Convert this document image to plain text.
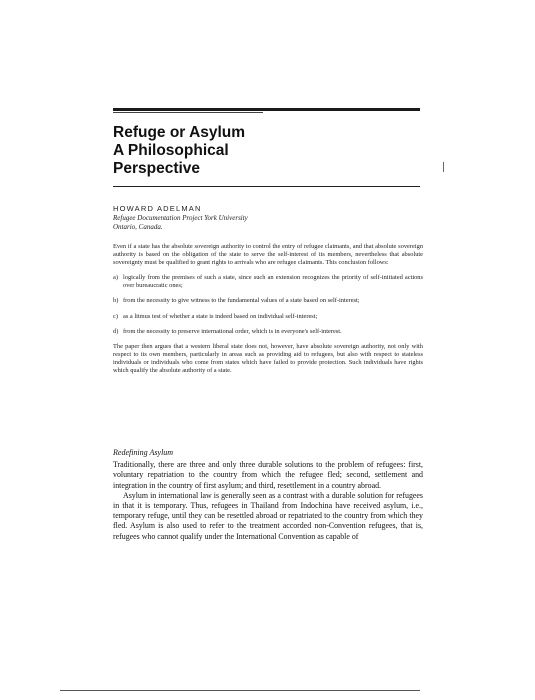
Refuge or Asylum
A Philosophical
Perspective
HOWARD ADELMAN
Refugee Documentation Project York University
Ontario, Canada.

Even if a state has the absolute sovereign authority to control the entry of refugee claimants, and that absolute sovereign authority is based on the obligation of the state to serve the self-interest of its members, nevertheless that absolute sovereignty must be qualified to grant rights to arrivals who are refugee claimants. This conclusion follows:

a) logically from the premises of such a state, since such an extension recognizes the priority of self-initiated actions over bureaucratic ones;
b) from the necessity to give witness to the fundamental values of a state based on self-interest;
c) as a litmus test of whether a state is indeed based on individual self-interest;
d) from the necessity to preserve international order, which is in everyone's self-interest.

The paper then argues that a western liberal state does not, however, have absolute sovereign authority, not only with respect to its own members, particularly in areas such as providing aid to refugees, but also with respect to stateless individuals or individuals who come from states which have failed to provide protection. Such individuals have rights which qualify the absolute authority of a state.

Redefining Asylum

Traditionally, there are three and only three durable solutions to the problem of refugees: first, voluntary repatriation to the country from which the refugee fled; second, settlement and integration in the country of first asylum; and third, resettlement in a country abroad.

Asylum in international law is generally seen as a contrast with a durable solution for refugees in that it is temporary. Thus, refugees in Thailand from Indochina have received asylum, i.e., temporary refuge, until they can be resettled abroad or repatriated to the country from which they fled. Asylum is also used to refer to the treatment accorded non-Convention refugees, that is, refugees who cannot qualify under the International Convention as capable of
